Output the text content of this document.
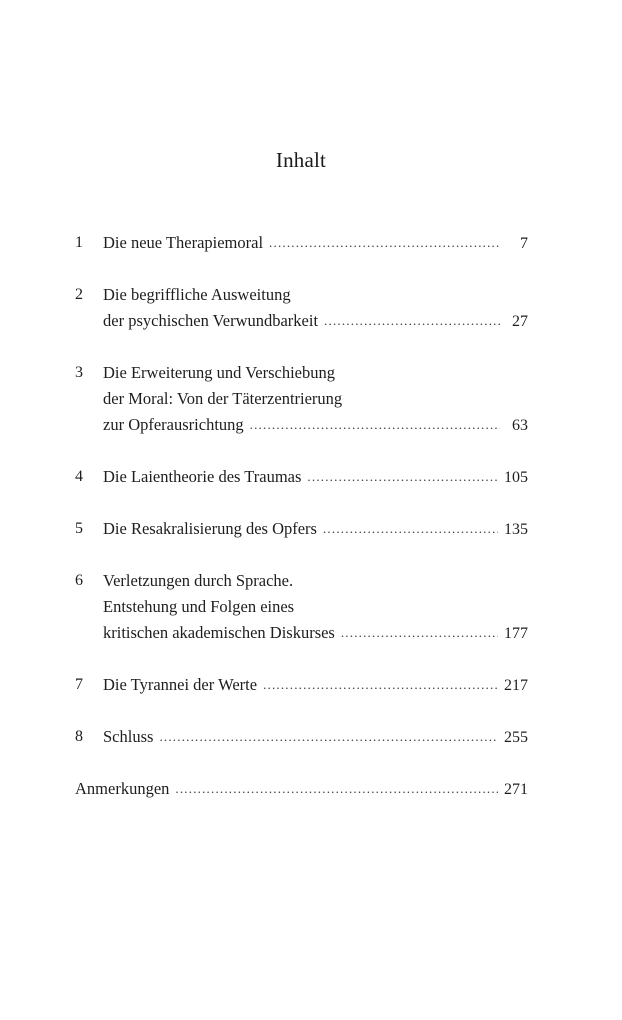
Inhalt
1	Die neue Therapiemoral .....	7
2	Die begriffliche Ausweitung
der psychischen Verwundbarkeit .....	27
3	Die Erweiterung und Verschiebung
der Moral: Von der Täterzentrierung
zur Opferausrichtung .....	63
4	Die Laientheorie des Traumas .....	105
5	Die Resakralisierung des Opfers .....	135
6	Verletzungen durch Sprache.
Entstehung und Folgen eines
kritischen akademischen Diskurses .....	177
7	Die Tyrannei der Werte .....	217
8	Schluss .....	255
Anmerkungen .....	271
